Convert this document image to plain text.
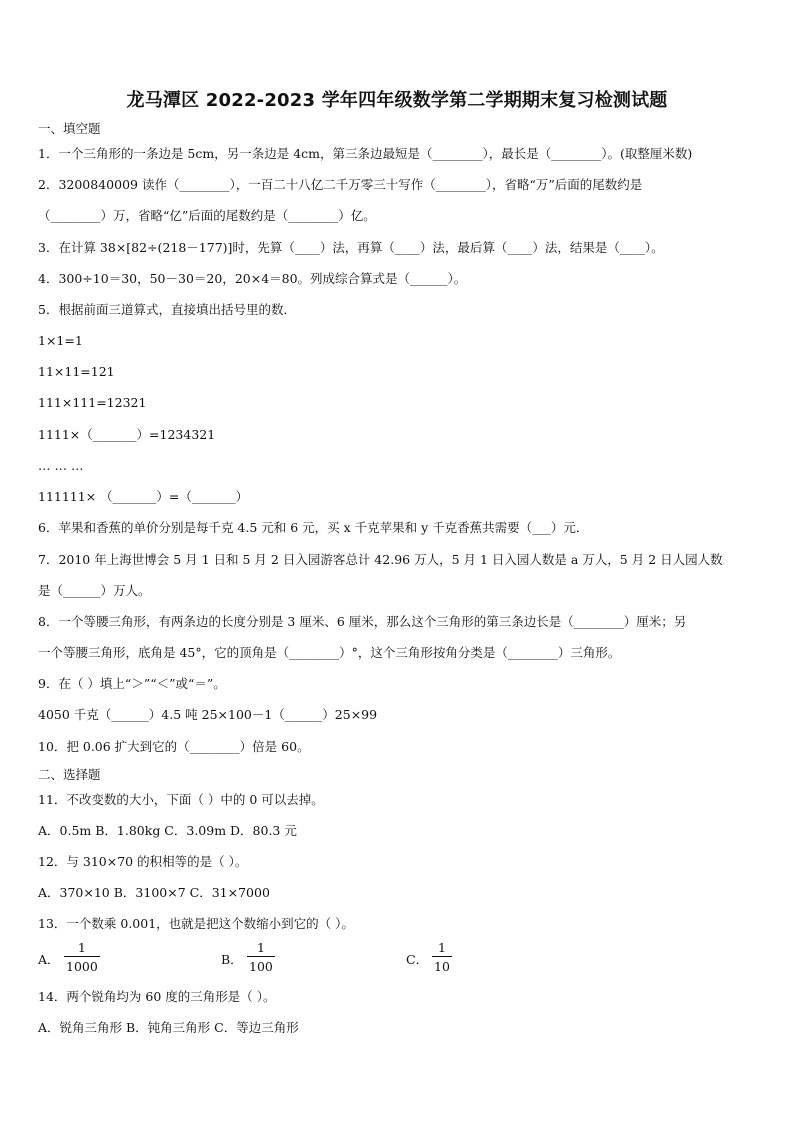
龙马潭区 2022-2023 学年四年级数学第二学期期末复习检测试题
一、填空题
1．一个三角形的一条边是 5cm，另一条边是 4cm，第三条边最短是（________），最长是（________）。(取整厘米数)
2．3200840009 读作（________），一百二十八亿二千万零三十写作（________），省略“万”后面的尾数约是
（________）万，省略“亿”后面的尾数约是（________）亿。
3．在计算 38×[82÷(218－177)]时，先算（____）法，再算（____）法，最后算（____）法，结果是（____）。
4．300÷10＝30，50－30＝20，20×4＝80。列成综合算式是（______）。
5．根据前面三道算式，直接填出括号里的数．
1×1=1
11×11=121
111×111=12321
1111×（_______）=1234321
… … …
111111× （_______）=（_______）
6．苹果和香蕉的单价分别是每千克 4.5 元和 6 元，买 x 千克苹果和 y 千克香蕉共需要（___）元．
7．2010 年上海世博会 5 月 1 日和 5 月 2 日入园游客总计 42.96 万人，5 月 1 日入园人数是 a 万人，5 月 2 日人园人数
是（______）万人。
8．一个等腰三角形，有两条边的长度分别是 3 厘米、6 厘米，那么这个三角形的第三条边长是（________）厘米；另
一个等腰三角形，底角是 45°，它的顶角是（________）°，这个三角形按角分类是（________）三角形。
9．在（ ）填上“＞”“＜”或“＝”。
4050 千克（______）4.5 吨 25×100－1（______）25×99
10．把 0.06 扩大到它的（________）倍是 60。
二、选择题
11．不改变数的大小，下面（ ）中的 0 可以去掉。
A．0.5m B．1.80kg C．3.09m D．80.3 元
12．与 310×70 的积相等的是（ ）。
A．370×10 B．3100×7 C．31×7000
13．一个数乘 0.001，也就是把这个数缩小到它的（ ）。
A．
1
1000	B．
1
100	C．
1
10
14．两个锐角均为 60 度的三角形是（ ）。
A．锐角三角形 B．钝角三角形 C．等边三角形
